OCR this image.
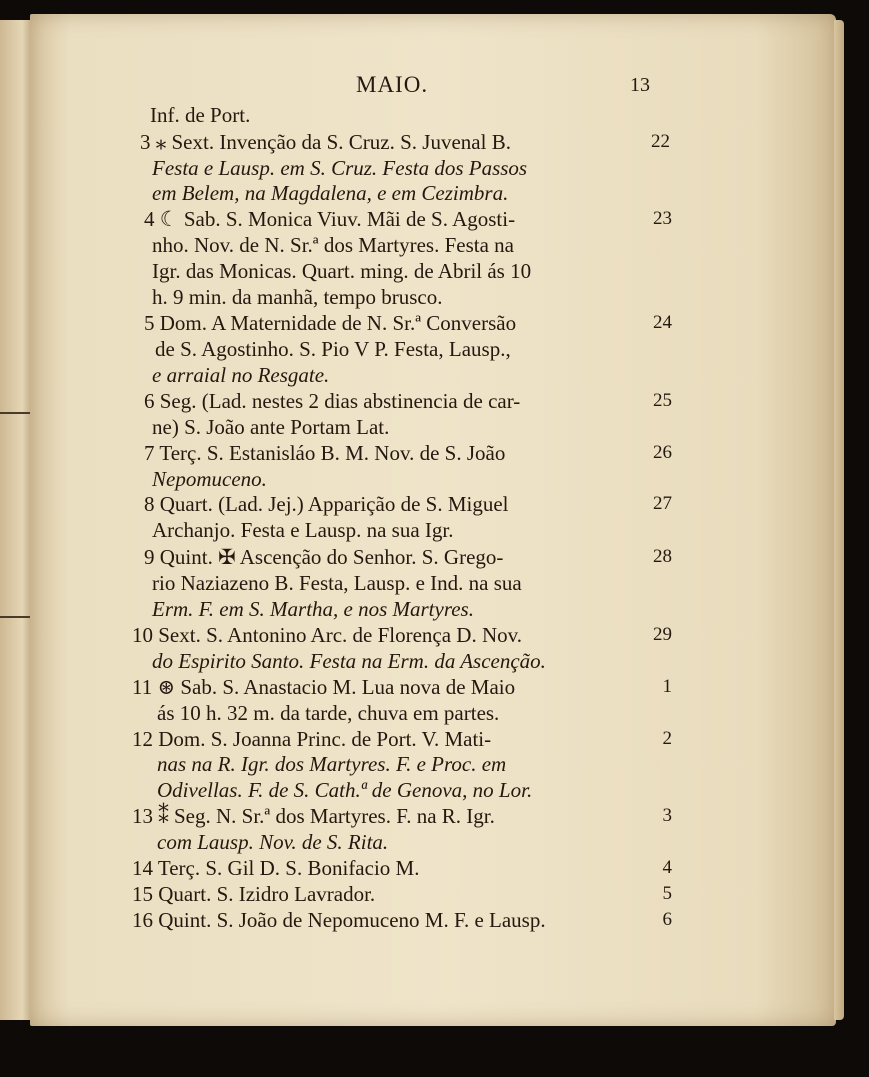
MAIO.	13
Inf. de Port.
3 ⁎ Sext. Invenção da S. Cruz. S. Juvenal B.	22
Festa e Lausp. em S. Cruz. Festa dos Passos
em Belem, na Magdalena, e em Cezimbra.
4 ☾ Sab. S. Monica Viuv. Mãi de S. Agosti-	23
nho. Nov. de N. Sr.ª dos Martyres. Festa na
Igr. das Monicas. Quart. ming. de Abril ás 10
h. 9 min. da manhã, tempo brusco.
5 Dom. A Maternidade de N. Sr.ª Conversão	24
de S. Agostinho. S. Pio V P. Festa, Lausp.,
e arraial no Resgate.
6 Seg. (Lad. nestes 2 dias abstinencia de car-	25
ne) S. João ante Portam Lat.
7 Terç. S. Estanisláo B. M. Nov. de S. João	26
Nepomuceno.
8 Quart. (Lad. Jej.) Apparição de S. Miguel	27
Archanjo. Festa e Lausp. na sua Igr.
9 Quint. ✠ Ascenção do Senhor. S. Grego-	28
rio Naziazeno B. Festa, Lausp. e Ind. na sua
Erm. F. em S. Martha, e nos Martyres.
10 Sext. S. Antonino Arc. de Florença D. Nov.	29
do Espirito Santo. Festa na Erm. da Ascenção.
11 ⊛ Sab. S. Anastacio M. Lua nova de Maio	1
ás 10 h. 32 m. da tarde, chuva em partes.
12 Dom. S. Joanna Princ. de Port. V. Mati-	2
nas na R. Igr. dos Martyres. F. e Proc. em
Odivellas. F. de S. Cath.ª de Genova, no Lor.
13 ⁑ Seg. N. Sr.ª dos Martyres. F. na R. Igr.	3
com Lausp. Nov. de S. Rita.
14 Terç. S. Gil D. S. Bonifacio M.	4
15 Quart. S. Izidro Lavrador.	5
16 Quint. S. João de Nepomuceno M. F. e Lausp.	6
